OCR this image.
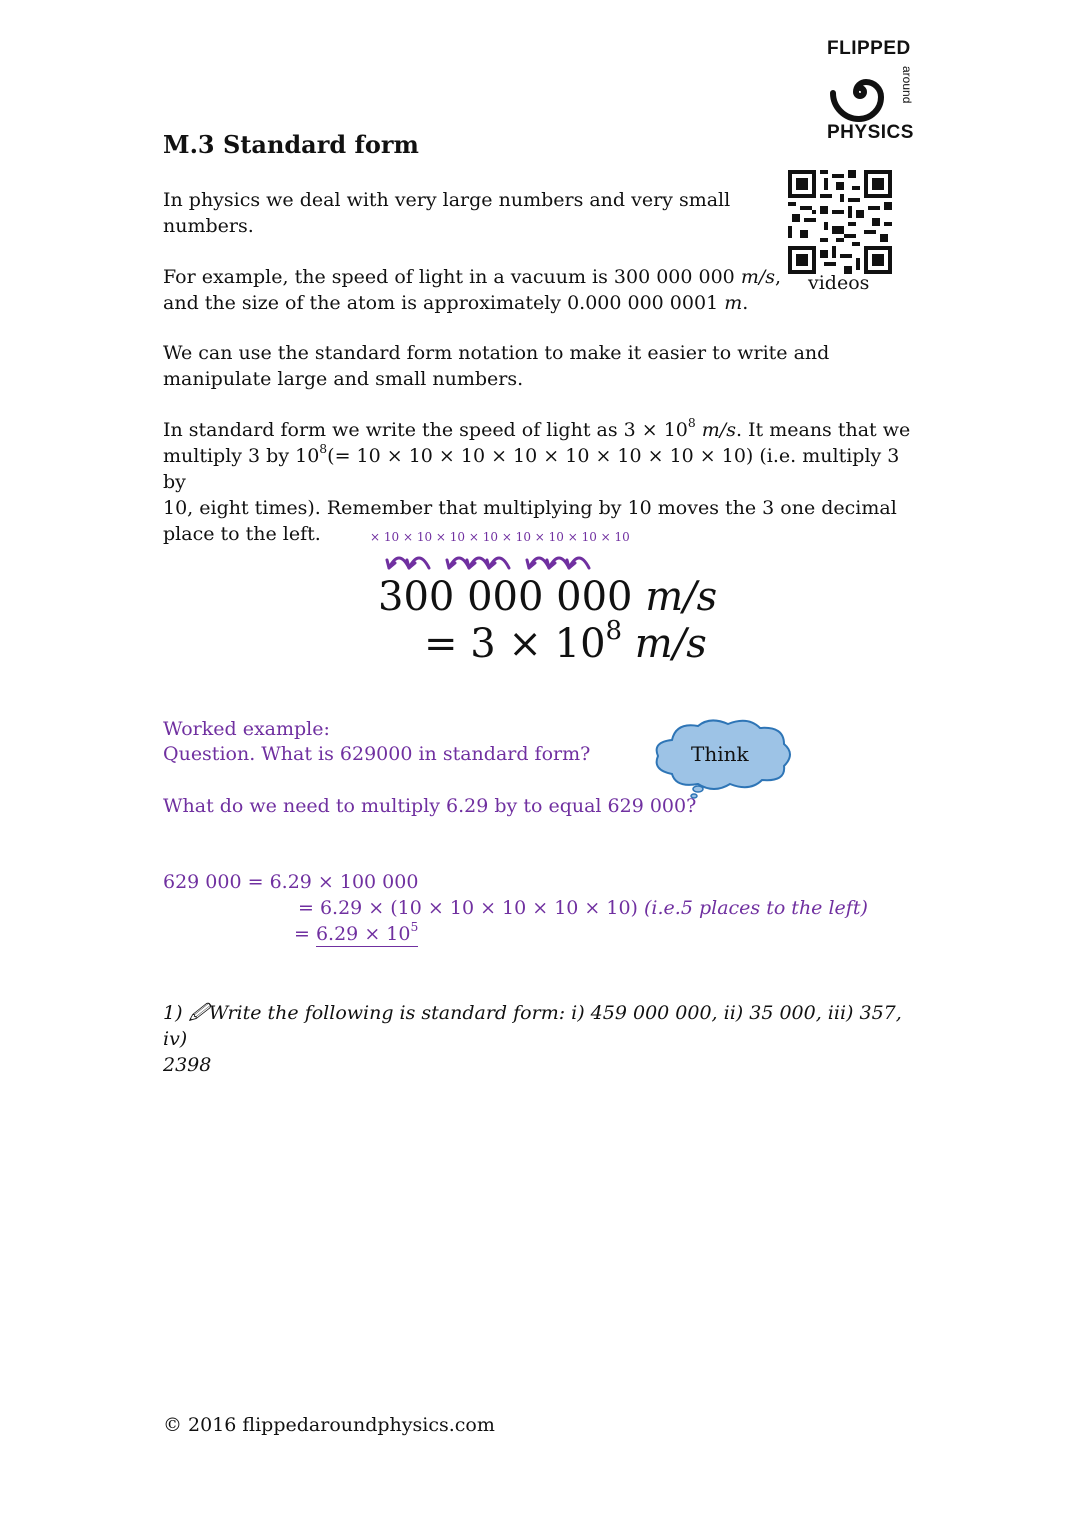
FLIPPED
around
PHYSICS
M.3 Standard form
videos
In physics we deal with very large numbers and very small numbers.
For example, the speed of light in a vacuum is 300 000 000 m/s,
and the size of the atom is approximately 0.000 000 0001 m.
We can use the standard form notation to make it easier to write and manipulate large and small numbers.
In standard form we write the speed of light as $3 \times 10^8$ m/s. It means that we
multiply 3 by $10^8(= 10 \times 10 \times 10 \times 10 \times 10 \times 10 \times 10 \times 10)$ (i.e. multiply 3 by
10, eight times). Remember that multiplying by 10 moves the 3 one decimal
place to the left.	× 10 × 10 × 10 × 10 × 10 × 10 × 10 × 10
300 000 000 m/s
= $3 \times 10^8$ m/s
Worked example:
Question. What is 629000 in standard form?	Think
What do we need to multiply 6.29 by to equal 629 000?
629 000 = 6.29 × 100 000
= 6.29 × (10 × 10 × 10 × 10 × 10) (i.e.5 places to the left)
= $6.29 \times 10^5$
1) 🖉Write the following is standard form: i) 459 000 000, ii) 35 000, iii) 357, iv)
2398
© 2016 flippedaroundphysics.com
